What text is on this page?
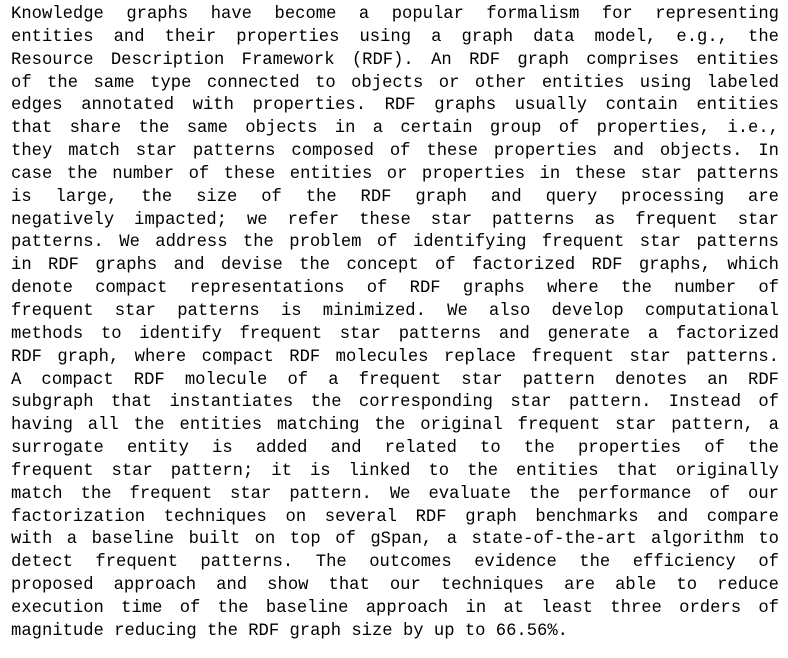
Knowledge graphs have become a popular formalism for representing
entities and their properties using a graph data model, e.g., the
Resource Description Framework (RDF). An RDF graph comprises entities
of the same type connected to objects or other entities using labeled
edges annotated with properties. RDF graphs usually contain entities
that share the same objects in a certain group of properties, i.e.,
they match star patterns composed of these properties and objects. In
case the number of these entities or properties in these star patterns
is large, the size of the RDF graph and query processing are
negatively impacted; we refer these star patterns as frequent star
patterns. We address the problem of identifying frequent star patterns
in RDF graphs and devise the concept of factorized RDF graphs, which
denote compact representations of RDF graphs where the number of
frequent star patterns is minimized. We also develop computational
methods to identify frequent star patterns and generate a factorized
RDF graph, where compact RDF molecules replace frequent star patterns.
A compact RDF molecule of a frequent star pattern denotes an RDF
subgraph that instantiates the corresponding star pattern. Instead of
having all the entities matching the original frequent star pattern, a
surrogate entity is added and related to the properties of the
frequent star pattern; it is linked to the entities that originally
match the frequent star pattern. We evaluate the performance of our
factorization techniques on several RDF graph benchmarks and compare
with a baseline built on top of gSpan, a state-of-the-art algorithm to
detect frequent patterns. The outcomes evidence the efficiency of
proposed approach and show that our techniques are able to reduce
execution time of the baseline approach in at least three orders of
magnitude reducing the RDF graph size by up to 66.56%.
